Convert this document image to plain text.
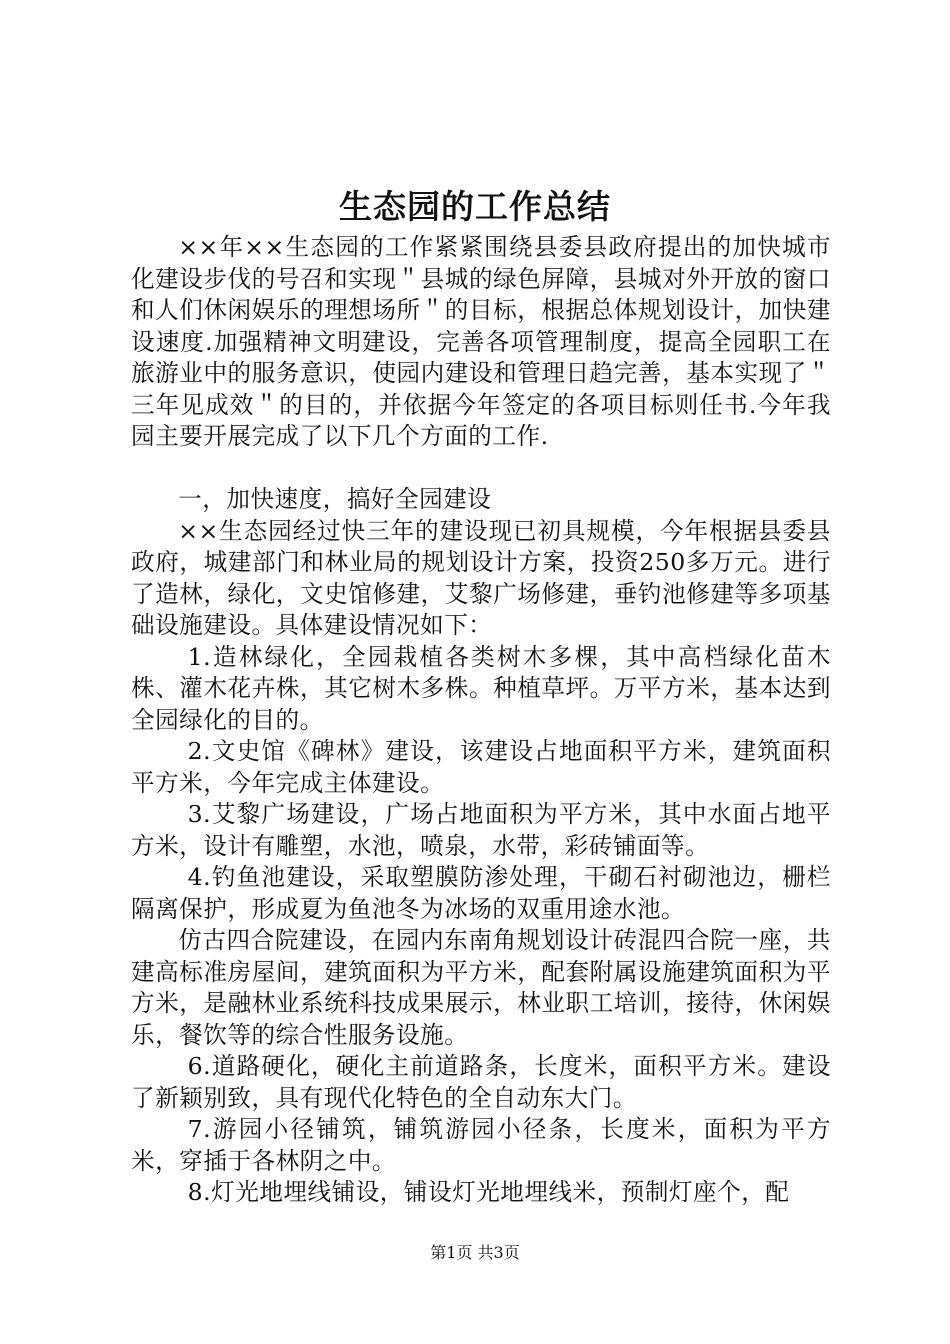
生态园的工作总结

××年××生态园的工作紧紧围绕县委县政府提出的加快城市化建设步伐的号召和实现＂县城的绿色屏障，县城对外开放的窗口和人们休闲娱乐的理想场所＂的目标，根据总体规划设计，加快建设速度.加强精神文明建设，完善各项管理制度，提高全园职工在旅游业中的服务意识，使园内建设和管理日趋完善，基本实现了＂三年见成效＂的目的，并依据今年签定的各项目标则任书.今年我园主要开展完成了以下几个方面的工作.

一，加快速度，搞好全园建设

××生态园经过快三年的建设现已初具规模，今年根据县委县政府，城建部门和林业局的规划设计方案，投资250多万元。进行了造林，绿化，文史馆修建，艾黎广场修建，垂钓池修建等多项基础设施建设。具体建设情况如下：

1.造林绿化，全园栽植各类树木多棵，其中高档绿化苗木株、灌木花卉株，其它树木多株。种植草坪。万平方米，基本达到全园绿化的目的。

2.文史馆《碑林》建设，该建设占地面积平方米，建筑面积平方米，今年完成主体建设。

3.艾黎广场建设，广场占地面积为平方米，其中水面占地平方米，设计有雕塑，水池，喷泉，水带，彩砖铺面等。

4.钓鱼池建设，采取塑膜防渗处理，干砌石衬砌池边，栅栏隔离保护，形成夏为鱼池冬为冰场的双重用途水池。

仿古四合院建设，在园内东南角规划设计砖混四合院一座，共建高标准房屋间，建筑面积为平方米，配套附属设施建筑面积为平方米，是融林业系统科技成果展示，林业职工培训，接待，休闲娱乐，餐饮等的综合性服务设施。

6.道路硬化，硬化主前道路条，长度米，面积平方米。建设了新颖别致，具有现代化特色的全自动东大门。

7.游园小径铺筑，铺筑游园小径条，长度米，面积为平方米，穿插于各林阴之中。

8.灯光地埋线铺设，铺设灯光地埋线米，预制灯座个，配

第1页 共3页
